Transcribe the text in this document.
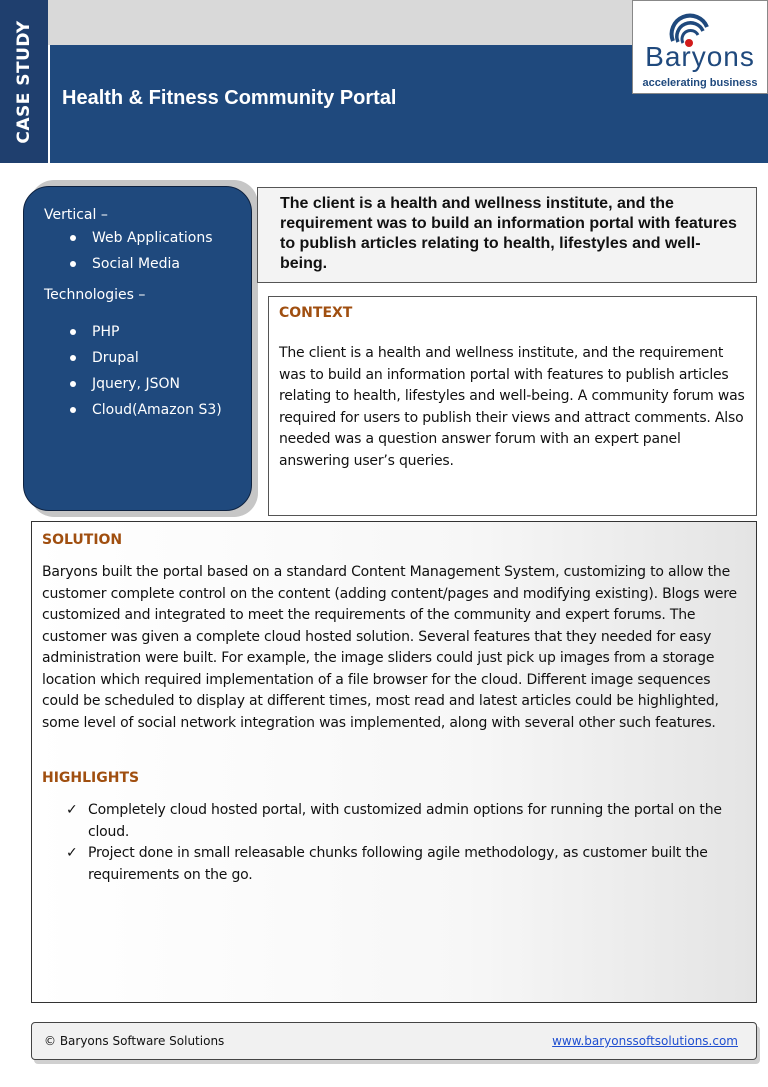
CASE STUDY Health & Fitness Community Portal
Baryons
accelerating business
Vertical –
Web Applications
Social Media
Technologies –
PHP
Drupal
Jquery, JSON
Cloud(Amazon S3)
The client is a health and wellness institute, and the requirement was to build an information portal with features to publish articles relating to health, lifestyles and well-being.
CONTEXT
The client is a health and wellness institute, and the requirement was to build an information portal with features to publish articles relating to health, lifestyles and well-being. A community forum was required for users to publish their views and attract comments. Also needed was a question answer forum with an expert panel answering user’s queries.
SOLUTION
Baryons built the portal based on a standard Content Management System, customizing to allow the customer complete control on the content (adding content/pages and modifying existing). Blogs were customized and integrated to meet the requirements of the community and expert forums. The customer was given a complete cloud hosted solution. Several features that they needed for easy administration were built. For example, the image sliders could just pick up images from a storage location which required implementation of a file browser for the cloud. Different image sequences could be scheduled to display at different times, most read and latest articles could be highlighted, some level of social network integration was implemented, along with several other such features.
HIGHLIGHTS
✓ Completely cloud hosted portal, with customized admin options for running the portal on the cloud.
✓ Project done in small releasable chunks following agile methodology, as customer built the requirements on the go.
© Baryons Software Solutions	www.baryonssoftsolutions.com
